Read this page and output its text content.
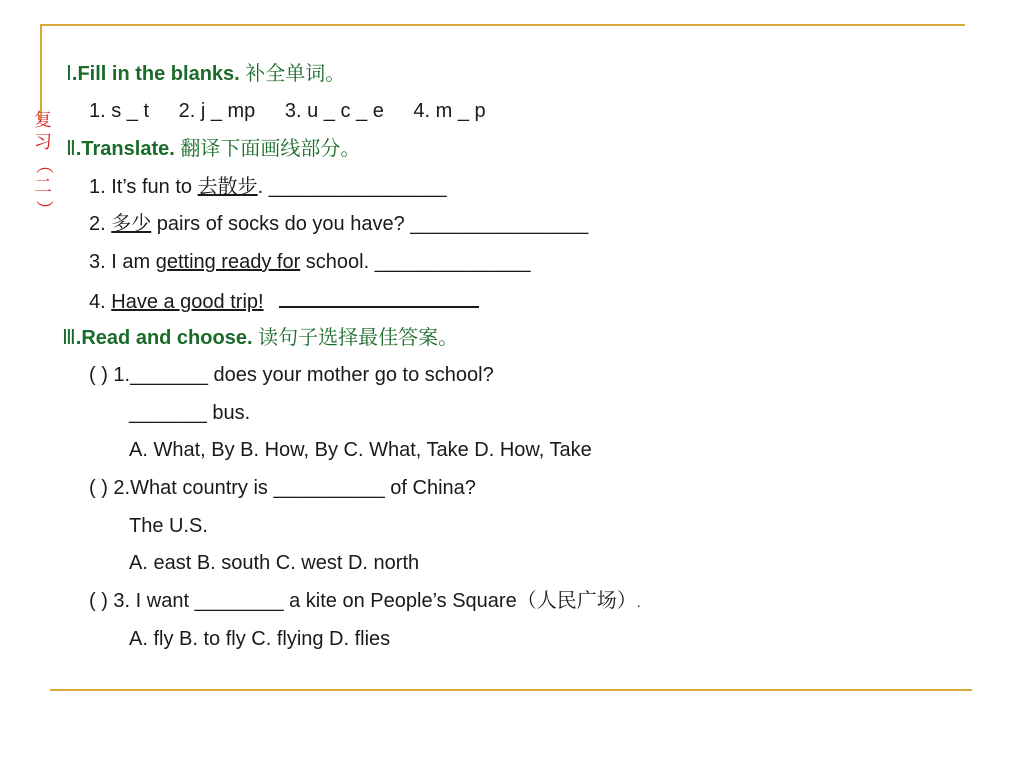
复
习
（
二
）
Ⅰ.Fill in the blanks. 补全单词。
1. s _ t 2. j _ mp 3. u _ c _ e 4. m _ p
Ⅱ.Translate. 翻译下面画线部分。
1. It’s fun to 去散步. ________________
2. 多少 pairs of socks do you have? ________________
3. I am getting ready for school. ______________
4. Have a good trip!
Ⅲ.Read and choose. 读句子选择最佳答案。
( ) 1._______ does your mother go to school?
_______ bus.
A. What, By B. How, By C. What, Take D. How, Take
( ) 2.What country is __________ of China?
The U.S.
A. east B. south C. west D. north
( ) 3. I want ________ a kite on People’s Square（人民广场）.
A. fly B. to fly C. flying D. flies
